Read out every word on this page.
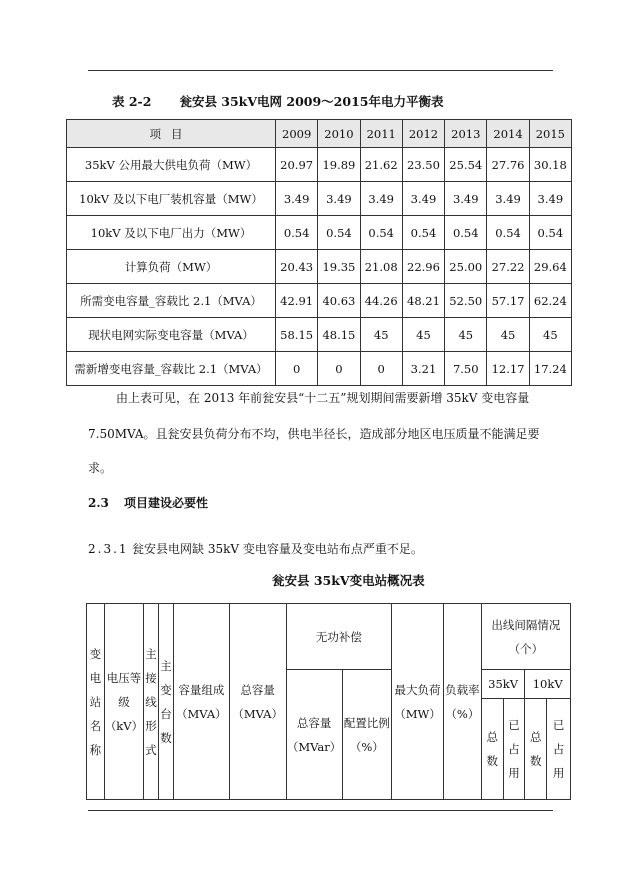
表 2-2 瓮安县 35kV电网 2009～2015年电力平衡表
项目	2009	2010	2011	2012	2013	2014	2015
35kV 公用最大供电负荷（MW）	20.97	19.89	21.62	23.50	25.54	27.76	30.18
10kV 及以下电厂装机容量（MW）	3.49	3.49	3.49	3.49	3.49	3.49	3.49
10kV 及以下电厂出力（MW）	0.54	0.54	0.54	0.54	0.54	0.54	0.54
计算负荷（MW）	20.43	19.35	21.08	22.96	25.00	27.22	29.64
所需变电容量_容载比 2.1（MVA）	42.91	40.63	44.26	48.21	52.50	57.17	62.24
现状电网实际变电容量（MVA）	58.15	48.15	45	45	45	45	45
需新增变电容量_容载比 2.1（MVA）	0	0	0	3.21	7.50	12.17	17.24
由上表可见，在 2013 年前瓮安县“十二五”规划期间需要新增 35kV 变电容量
7.50MVA。且瓮安县负荷分布不均，供电半径长，造成部分地区电压质量不能满足要
求。
2.3 项目建设必要性
2.3.1 瓮安县电网缺 35kV 变电容量及变电站布点严重不足。
瓮安县 35kV变电站概况表
变电站名称	电压等级（kV）	主接线形式	主变台数	容量组成（MVA）	总容量（MVA）	无功补偿		最大负荷（MW）	负载率（%）	出线间隔情况（个）			

						总容量（MVar）	配置比例（%）			35kV		10kV	
										总数	已占用	总数	已占用
